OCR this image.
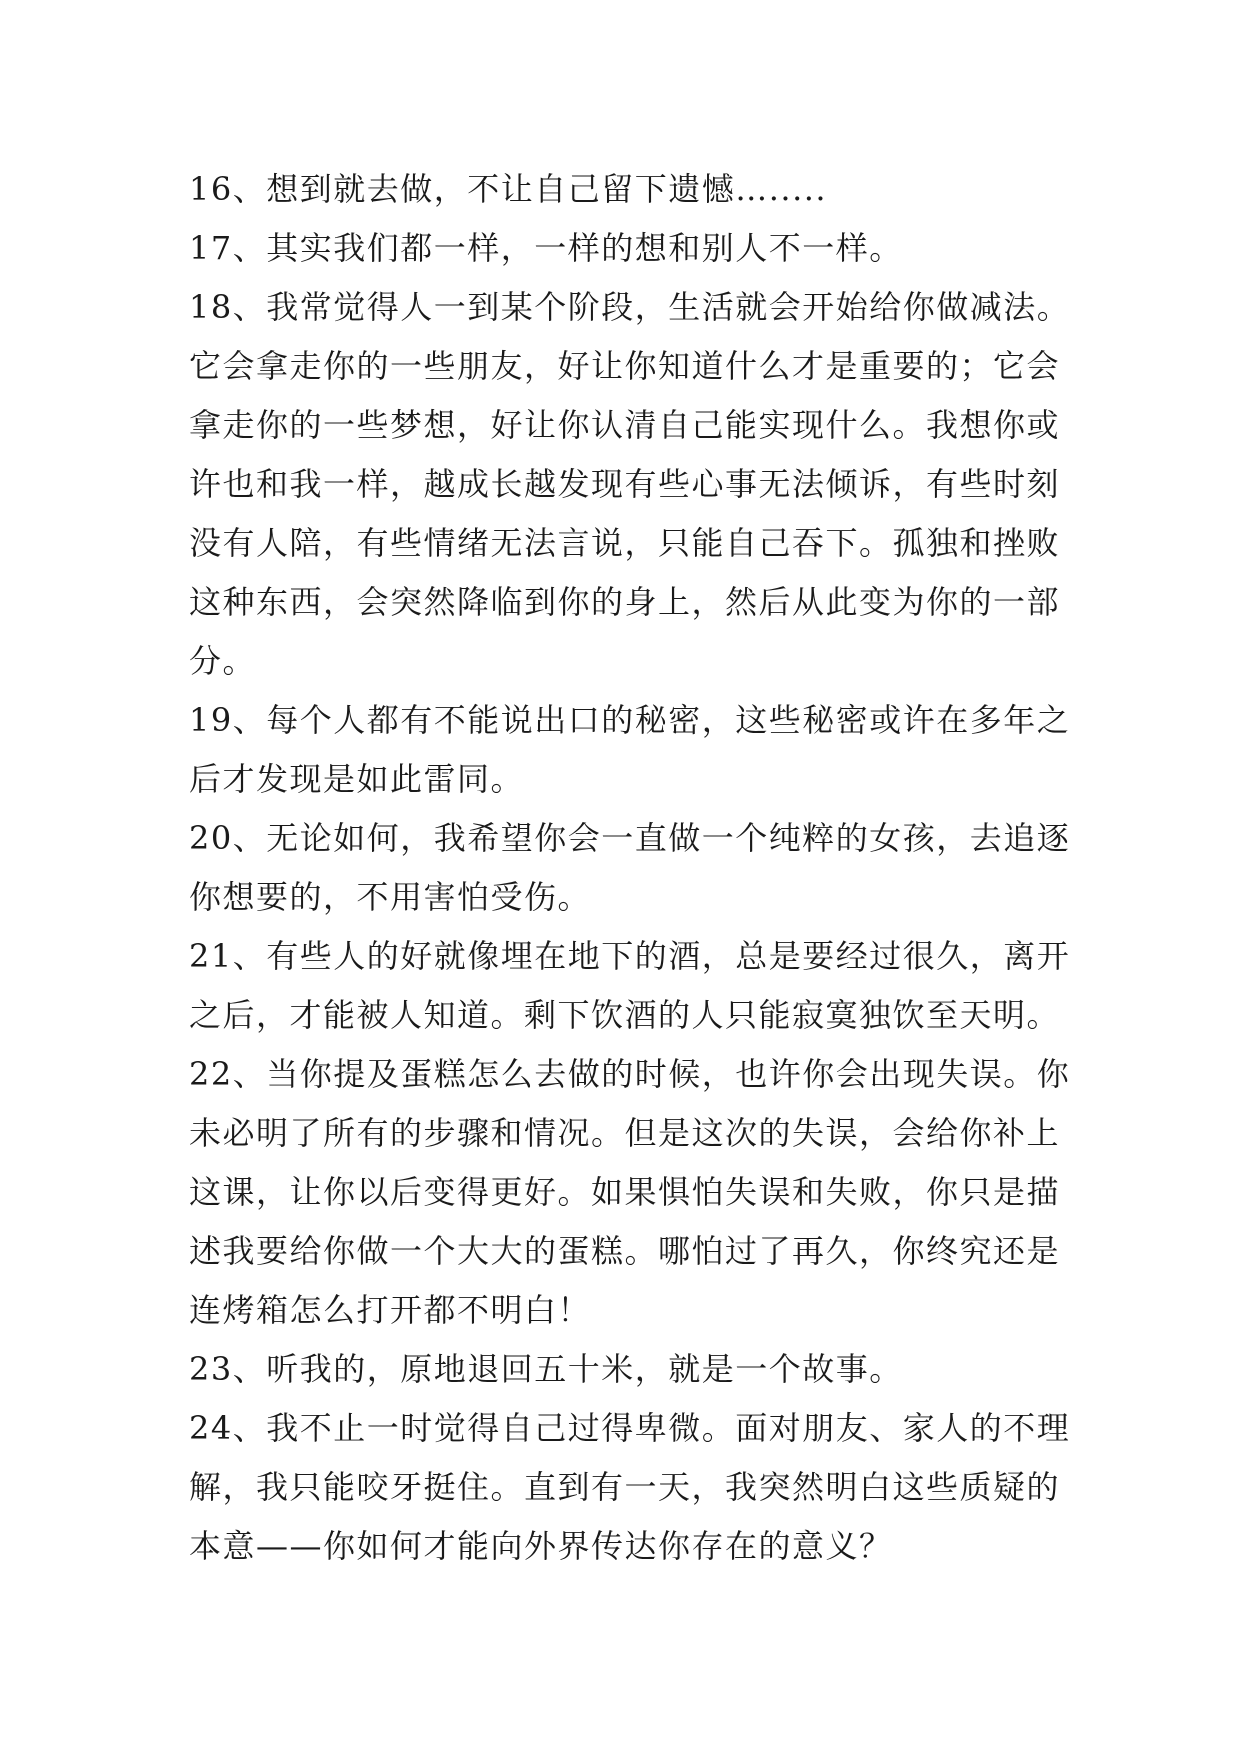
16、想到就去做，不让自己留下遗憾….....
17、其实我们都一样，一样的想和别人不一样。
18、我常觉得人一到某个阶段，生活就会开始给你做减法。
它会拿走你的一些朋友，好让你知道什么才是重要的；它会
拿走你的一些梦想，好让你认清自己能实现什么。我想你或
许也和我一样，越成长越发现有些心事无法倾诉，有些时刻
没有人陪，有些情绪无法言说，只能自己吞下。孤独和挫败
这种东西，会突然降临到你的身上，然后从此变为你的一部
分。
19、每个人都有不能说出口的秘密，这些秘密或许在多年之
后才发现是如此雷同。
20、无论如何，我希望你会一直做一个纯粹的女孩，去追逐
你想要的，不用害怕受伤。
21、有些人的好就像埋在地下的酒，总是要经过很久，离开
之后，才能被人知道。剩下饮酒的人只能寂寞独饮至天明。
22、当你提及蛋糕怎么去做的时候，也许你会出现失误。你
未必明了所有的步骤和情况。但是这次的失误，会给你补上
这课，让你以后变得更好。如果惧怕失误和失败，你只是描
述我要给你做一个大大的蛋糕。哪怕过了再久，你终究还是
连烤箱怎么打开都不明白！
23、听我的，原地退回五十米，就是一个故事。
24、我不止一时觉得自己过得卑微。面对朋友、家人的不理
解，我只能咬牙挺住。直到有一天，我突然明白这些质疑的
本意——你如何才能向外界传达你存在的意义？
